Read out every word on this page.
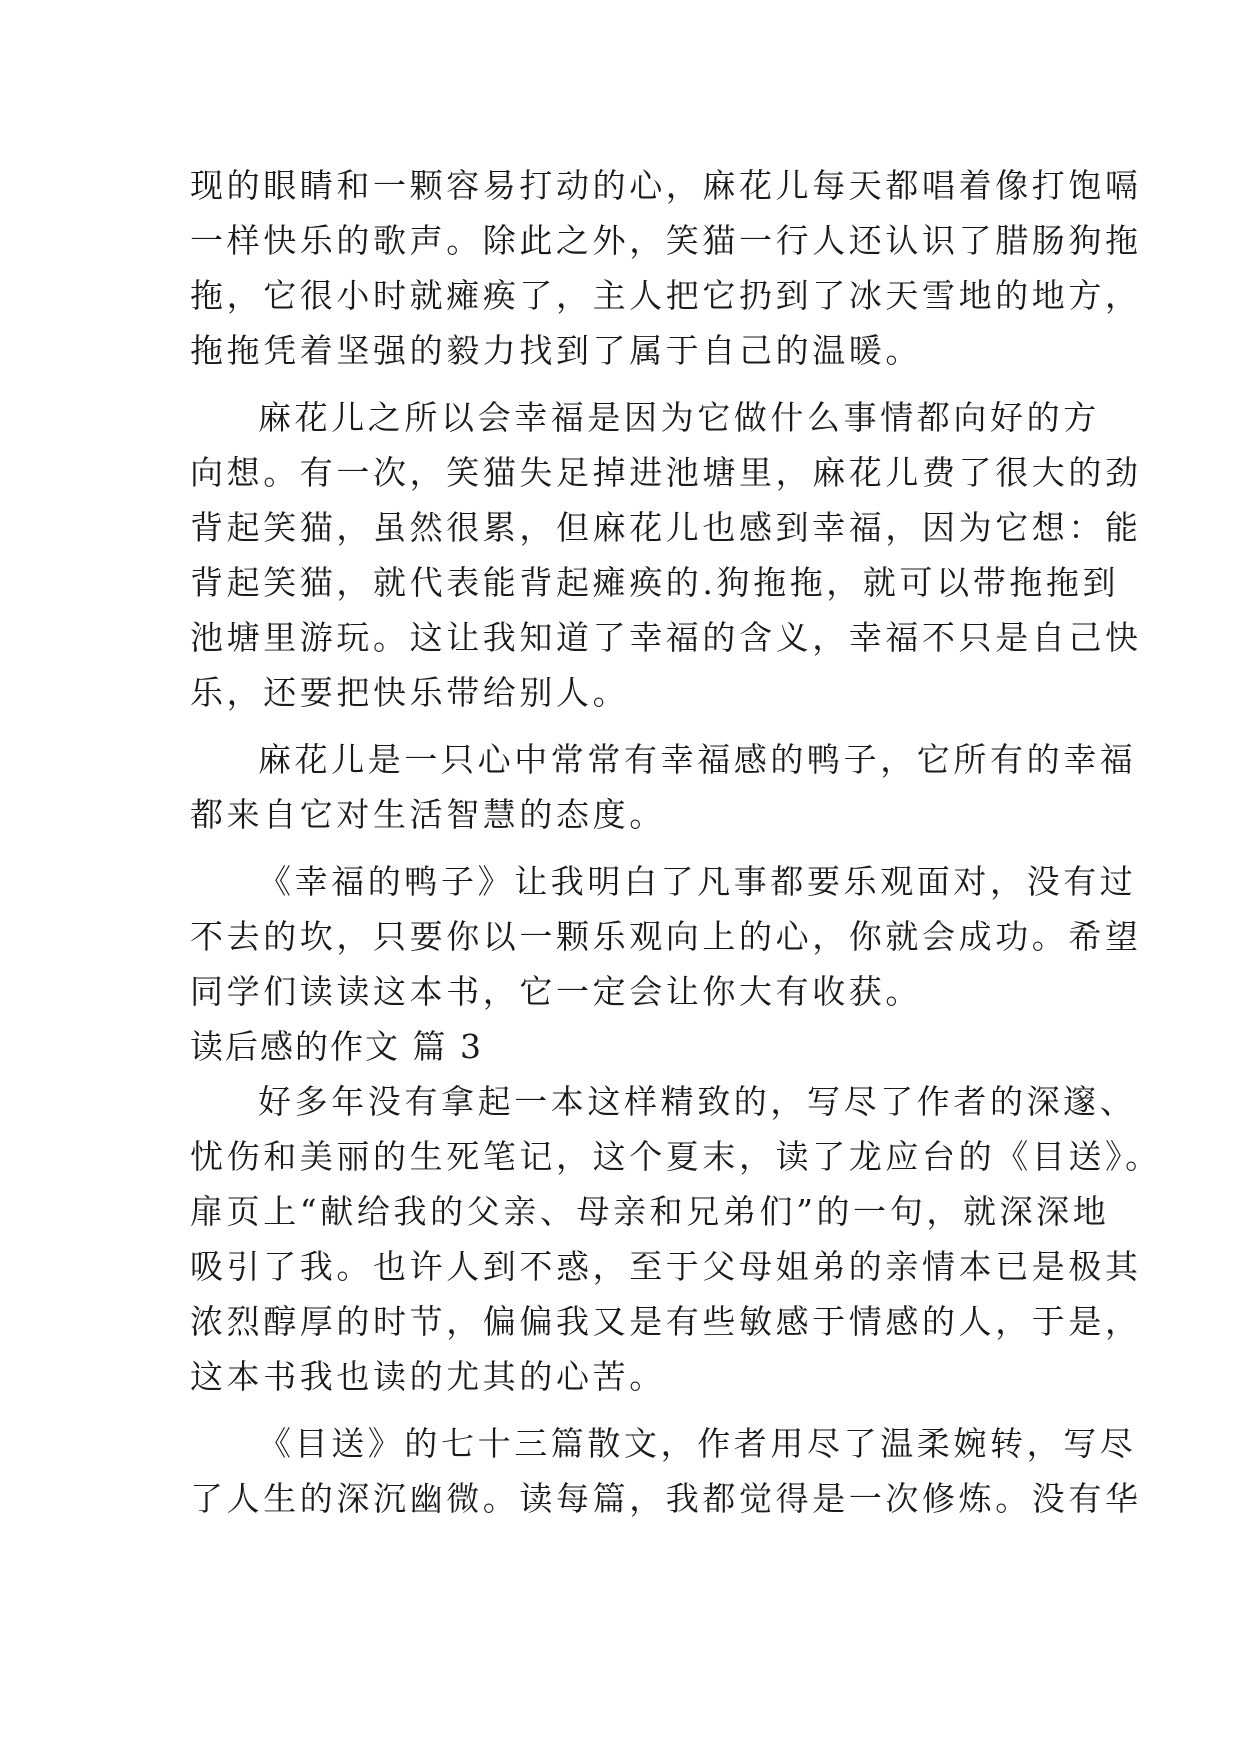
现的眼睛和一颗容易打动的心，麻花儿每天都唱着像打饱嗝
一样快乐的歌声。除此之外，笑猫一行人还认识了腊肠狗拖
拖，它很小时就瘫痪了，主人把它扔到了冰天雪地的地方，
拖拖凭着坚强的毅力找到了属于自己的温暖。
麻花儿之所以会幸福是因为它做什么事情都向好的方
向想。有一次，笑猫失足掉进池塘里，麻花儿费了很大的劲
背起笑猫，虽然很累，但麻花儿也感到幸福，因为它想：能
背起笑猫，就代表能背起瘫痪的.狗拖拖，就可以带拖拖到
池塘里游玩。这让我知道了幸福的含义，幸福不只是自己快
乐，还要把快乐带给别人。
麻花儿是一只心中常常有幸福感的鸭子，它所有的幸福
都来自它对生活智慧的态度。
《幸福的鸭子》让我明白了凡事都要乐观面对，没有过
不去的坎，只要你以一颗乐观向上的心，你就会成功。希望
同学们读读这本书，它一定会让你大有收获。
读后感的作文 篇 3
好多年没有拿起一本这样精致的，写尽了作者的深邃、
忧伤和美丽的生死笔记，这个夏末，读了龙应台的《目送》。
扉页上“献给我的父亲、母亲和兄弟们”的一句，就深深地
吸引了我。也许人到不惑，至于父母姐弟的亲情本已是极其
浓烈醇厚的时节，偏偏我又是有些敏感于情感的人，于是，
这本书我也读的尤其的心苦。
《目送》的七十三篇散文，作者用尽了温柔婉转，写尽
了人生的深沉幽微。读每篇，我都觉得是一次修炼。没有华
